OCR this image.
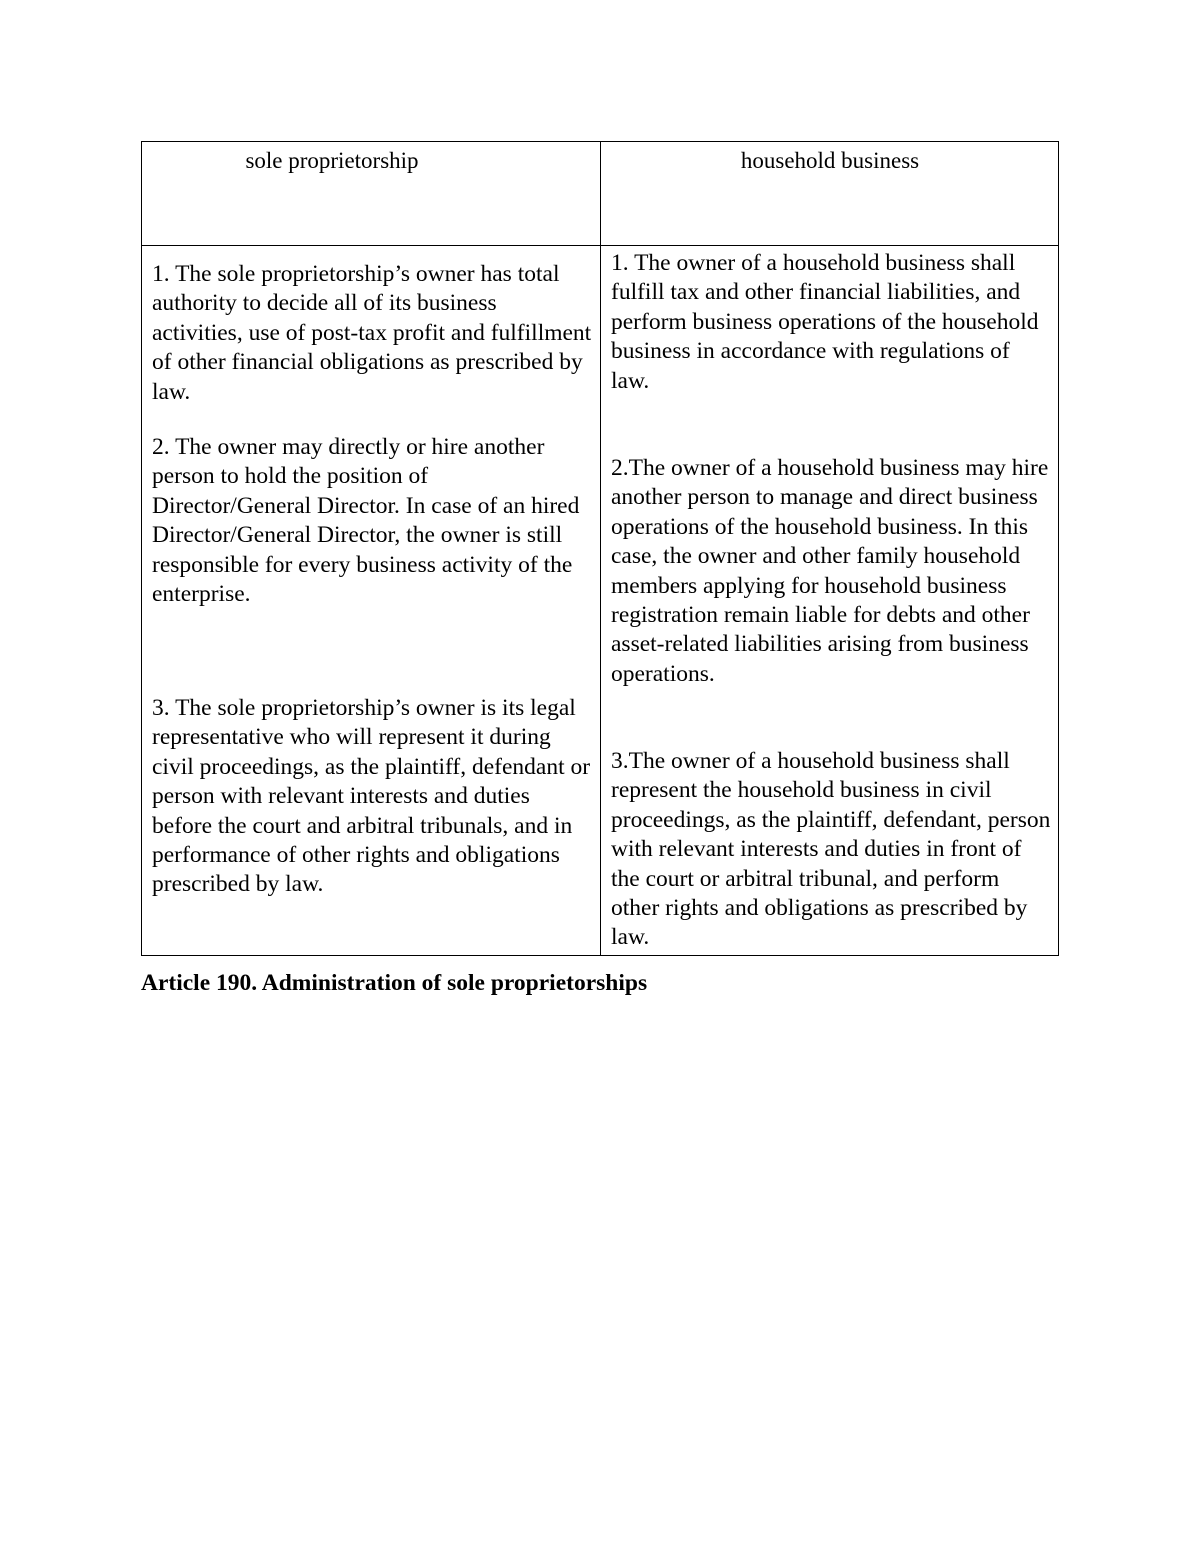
sole proprietorship	household business

1. The sole proprietorship’s owner has total authority to decide all of its business activities, use of post-tax profit and fulfillment of other financial obligations as prescribed by law.

2. The owner may directly or hire another person to hold the position of Director/General Director. In case of an hired Director/General Director, the owner is still responsible for every business activity of the enterprise.

3. The sole proprietorship’s owner is its legal representative who will represent it during civil proceedings, as the plaintiff, defendant or person with relevant interests and duties before the court and arbitral tribunals, and in performance of other rights and obligations prescribed by law.

1. The owner of a household business shall fulfill tax and other financial liabilities, and perform business operations of the household business in accordance with regulations of law.

2.The owner of a household business may hire another person to manage and direct business operations of the household business. In this case, the owner and other family household members applying for household business registration remain liable for debts and other asset-related liabilities arising from business operations.

3.The owner of a household business shall represent the household business in civil proceedings, as the plaintiff, defendant, person with relevant interests and duties in front of the court or arbitral tribunal, and perform other rights and obligations as prescribed by law.

Article 190. Administration of sole proprietorships
